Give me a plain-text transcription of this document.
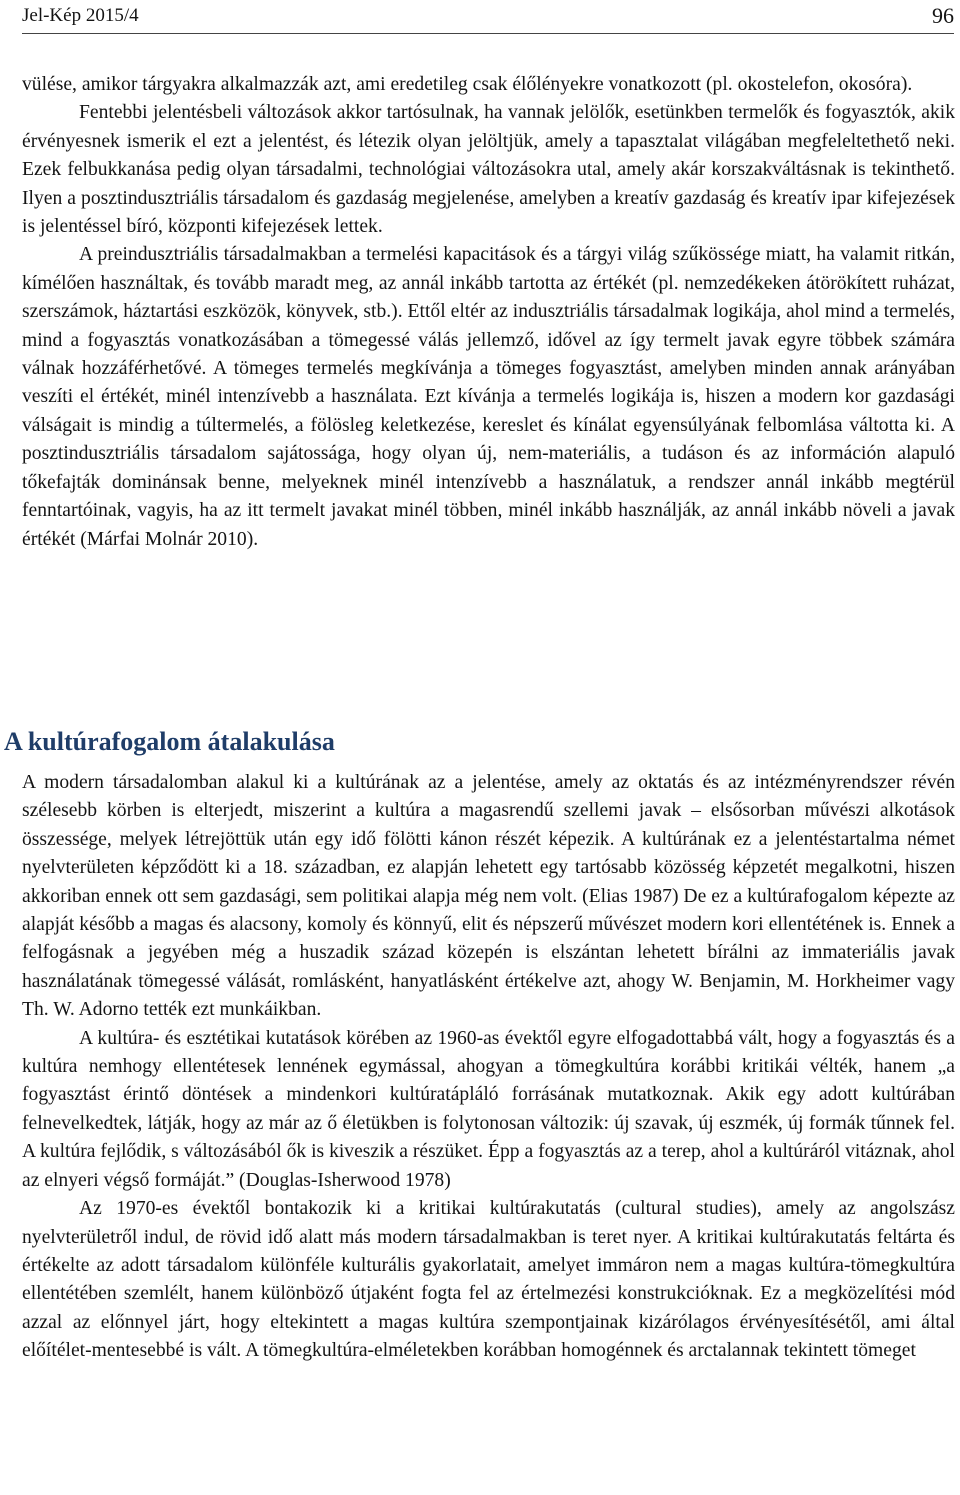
Jel-Kép 2015/4	96

vülése, amikor tárgyakra alkalmazzák azt, ami eredetileg csak élőlényekre vonatkozott (pl. okostelefon, okosóra).

Fentebbi jelentésbeli változások akkor tartósulnak, ha vannak jelölők, esetünkben termelők és fogyasztók, akik érvényesnek ismerik el ezt a jelentést, és létezik olyan jelöltjük, amely a tapasztalat világában megfeleltethető neki. Ezek felbukkanása pedig olyan társadalmi, technológiai változásokra utal, amely akár korszakváltásnak is tekinthető. Ilyen a posztindusztriális társadalom és gazdaság megjelenése, amelyben a kreatív gazdaság és kreatív ipar kifejezések is jelentéssel bíró, központi kifejezések lettek.

A preindusztriális társadalmakban a termelési kapacitások és a tárgyi világ szűkössége miatt, ha valamit ritkán, kímélően használtak, és tovább maradt meg, az annál inkább tartotta az értékét (pl. nemzedékeken átörökített ruházat, szerszámok, háztartási eszközök, könyvek, stb.). Ettől eltér az indusztriális társadalmak logikája, ahol mind a termelés, mind a fogyasztás vonatkozásában a tömegessé válás jellemző, idővel az így termelt javak egyre többek számára válnak hozzáférhetővé. A tömeges termelés megkívánja a tömeges fogyasztást, amelyben minden annak arányában veszíti el értékét, minél intenzívebb a használata. Ezt kívánja a termelés logikája is, hiszen a modern kor gazdasági válságait is mindig a túltermelés, a fölösleg keletkezése, kereslet és kínálat egyensúlyának felbomlása váltotta ki. A posztindusztriális társadalom sajátossága, hogy olyan új, nem-materiális, a tudáson és az információn alapuló tőkefajták dominánsak benne, melyeknek minél intenzívebb a használatuk, a rendszer annál inkább megtérül fenntartóinak, vagyis, ha az itt termelt javakat minél többen, minél inkább használják, az annál inkább növeli a javak értékét (Márfai Molnár 2010).

A kultúrafogalom átalakulása

A modern társadalomban alakul ki a kultúrának az a jelentése, amely az oktatás és az intézményrendszer révén szélesebb körben is elterjedt, miszerint a kultúra a magasrendű szellemi javak – elsősorban művészi alkotások összessége, melyek létrejöttük után egy idő fölötti kánon részét képezik. A kultúrának ez a jelentéstartalma német nyelvterületen képződött ki a 18. században, ez alapján lehetett egy tartósabb közösség képzetét megalkotni, hiszen akkoriban ennek ott sem gazdasági, sem politikai alapja még nem volt. (Elias 1987) De ez a kultúrafogalom képezte az alapját később a magas és alacsony, komoly és könnyű, elit és népszerű művészet modern kori ellentétének is. Ennek a felfogásnak a jegyében még a huszadik század közepén is elszántan lehetett bírálni az immateriális javak használatának tömegessé válását, romlásként, hanyatlásként értékelve azt, ahogy W. Benjamin, M. Horkheimer vagy Th. W. Adorno tették ezt munkáikban.

A kultúra- és esztétikai kutatások körében az 1960-as évektől egyre elfogadottabbá vált, hogy a fogyasztás és a kultúra nemhogy ellentétesek lennének egymással, ahogyan a tömegkultúra korábbi kritikái vélték, hanem „a fogyasztást érintő döntések a mindenkori kultúratápláló forrásának mutatkoznak. Akik egy adott kultúrában felnevelkedtek, látják, hogy az már az ő életükben is folytonosan változik: új szavak, új eszmék, új formák tűnnek fel. A kultúra fejlődik, s változásából ők is kiveszik a részüket. Épp a fogyasztás az a terep, ahol a kultúráról vitáznak, ahol az elnyeri végső formáját.” (Douglas-Isherwood 1978)

Az 1970-es évektől bontakozik ki a kritikai kultúrakutatás (cultural studies), amely az angolszász nyelvterületről indul, de rövid idő alatt más modern társadalmakban is teret nyer. A kritikai kultúrakutatás feltárta és értékelte az adott társadalom különféle kulturális gyakorlatait, amelyet immáron nem a magas kultúra-tömegkultúra ellentétében szemlélt, hanem különböző útjaként fogta fel az értelmezési konstrukcióknak. Ez a megközelítési mód azzal az előnnyel járt, hogy eltekintett a magas kultúra szempontjainak kizárólagos érvényesítésétől, ami által előítélet-mentesebbé is vált. A tömegkultúra-elméletekben korábban homogénnek és arctalannak tekintett tömeget
